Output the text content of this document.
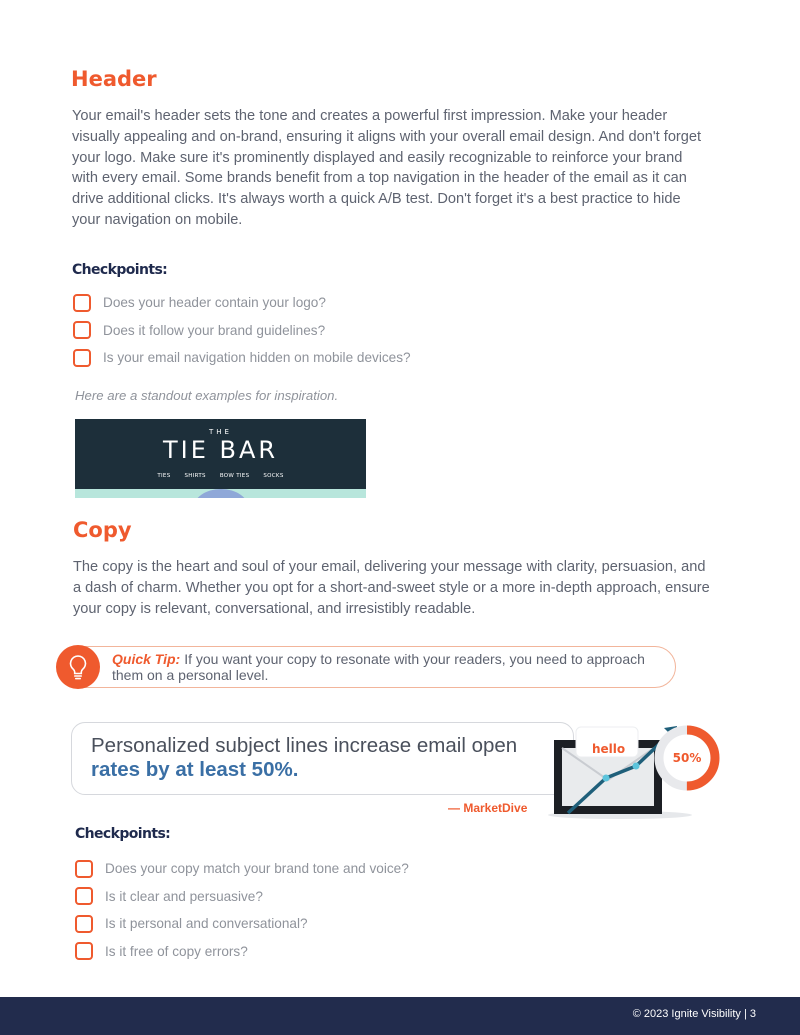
Header

Your email's header sets the tone and creates a powerful first impression. Make your header visually appealing and on-brand, ensuring it aligns with your overall email design. And don't forget your logo. Make sure it's prominently displayed and easily recognizable to reinforce your brand with every email. Some brands benefit from a top navigation in the header of the email as it can drive additional clicks. It's always worth a quick A/B test. Don't forget it's a best practice to hide your navigation on mobile.

Checkpoints:
Does your header contain your logo?
Does it follow your brand guidelines?
Is your email navigation hidden on mobile devices?

Here are a standout examples for inspiration.

THE
TIE BAR
TIES	SHIRTS	BOW TIES	SOCKS
Copy

The copy is the heart and soul of your email, delivering your message with clarity, persuasion, and a dash of charm. Whether you opt for a short-and-sweet style or a more in-depth approach, ensure your copy is relevant, conversational, and irresistibly readable.

Quick Tip: If you want your copy to resonate with your readers, you need to approach them on a personal level.

Personalized subject lines increase email open

rates by at least 50%.

— MarketDive

hello
50%
Checkpoints:
Does your copy match your brand tone and voice?
Is it clear and persuasive?
Is it personal and conversational?
Is it free of copy errors?

© 2023 Ignite Visibility | 3
